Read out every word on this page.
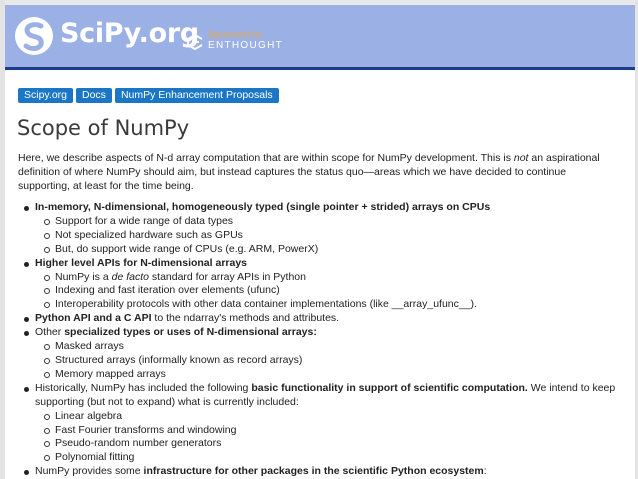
SciPy.org Sponsored by
ENTHOUGHT
Scipy.org Docs NumPy Enhancement Proposals
Scope of NumPy

Here, we describe aspects of N-d array computation that are within scope for NumPy development. This is not an aspirational definition of where NumPy should aim, but instead captures the status quo—areas which we have decided to continue supporting, at least for the time being.

In-memory, N-dimensional, homogeneously typed (single pointer + strided) arrays on CPUs
Support for a wide range of data types
Not specialized hardware such as GPUs
But, do support wide range of CPUs (e.g. ARM, PowerX)
Higher level APIs for N-dimensional arrays
NumPy is a de facto standard for array APIs in Python
Indexing and fast iteration over elements (ufunc)
Interoperability protocols with other data container implementations (like __array_ufunc__).
Python API and a C API to the ndarray's methods and attributes.
Other specialized types or uses of N-dimensional arrays:
Masked arrays
Structured arrays (informally known as record arrays)
Memory mapped arrays
Historically, NumPy has included the following basic functionality in support of scientific computation. We intend to keep supporting (but not to expand) what is currently included:
Linear algebra
Fast Fourier transforms and windowing
Pseudo-random number generators
Polynomial fitting
NumPy provides some infrastructure for other packages in the scientific Python ecosystem:
